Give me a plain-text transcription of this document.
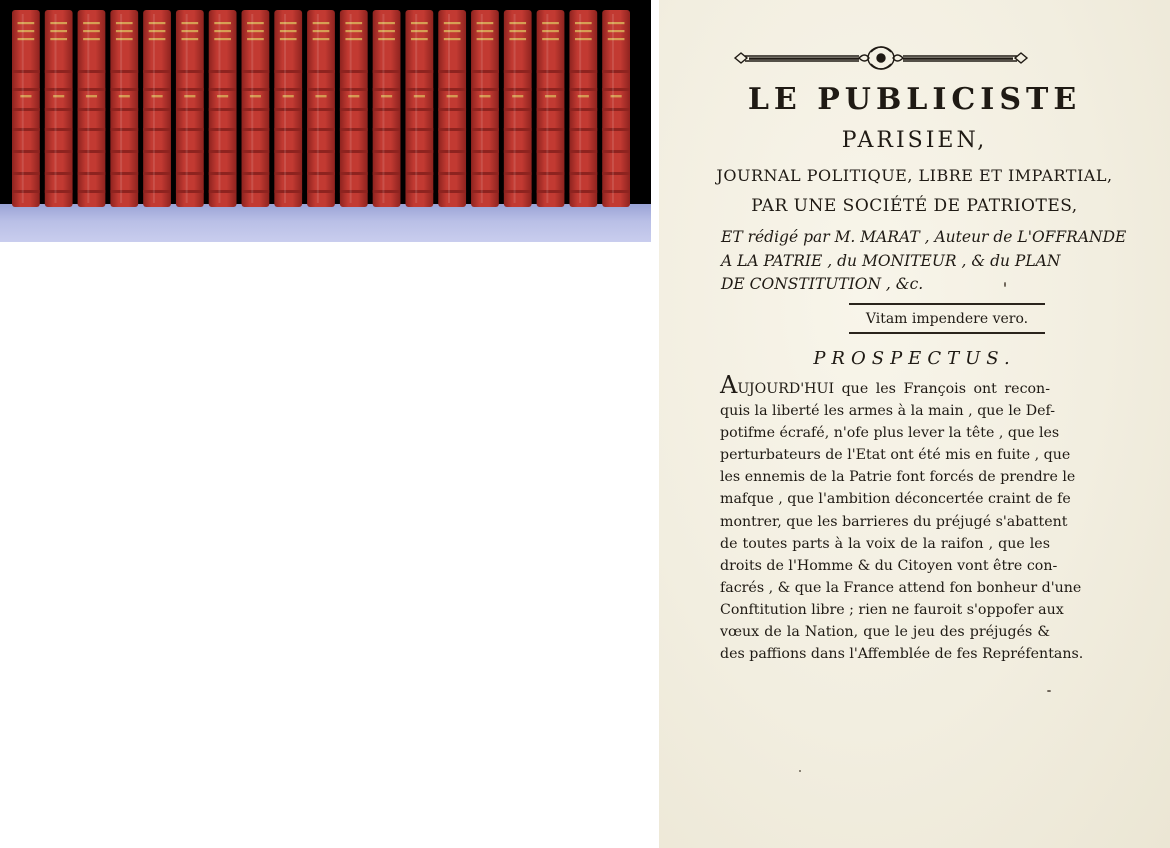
LE PUBLICISTE
PARISIEN,
JOURNAL POLITIQUE, LIBRE ET IMPARTIAL,
PAR UNE SOCIÉTÉ DE PATRIOTES,
ET rédigé par M. MARAT , Auteur de L'OFFRANDE
A LA PATRIE , du MONITEUR , & du PLAN
DE CONSTITUTION , &c.
Vitam impendere vero.
PROSPECTUS.
AUJOURD'HUI que les François ont recon-
quis la liberté les armes à la main , que le Def-
potifme écrafé, n'ofe plus lever la tête , que les
perturbateurs de l'Etat ont été mis en fuite , que
les ennemis de la Patrie font forcés de prendre le
mafque , que l'ambition déconcertée craint de fe
montrer, que les barrieres du préjugé s'abattent
de toutes parts à la voix de la raifon , que les
droits de l'Homme & du Citoyen vont être con-
facrés , & que la France attend fon bonheur d'une
Conftitution libre ; rien ne fauroit s'oppofer aux
vœux de la Nation, que le jeu des préjugés &
des paffions dans l'Affemblée de fes Repréfentans.
